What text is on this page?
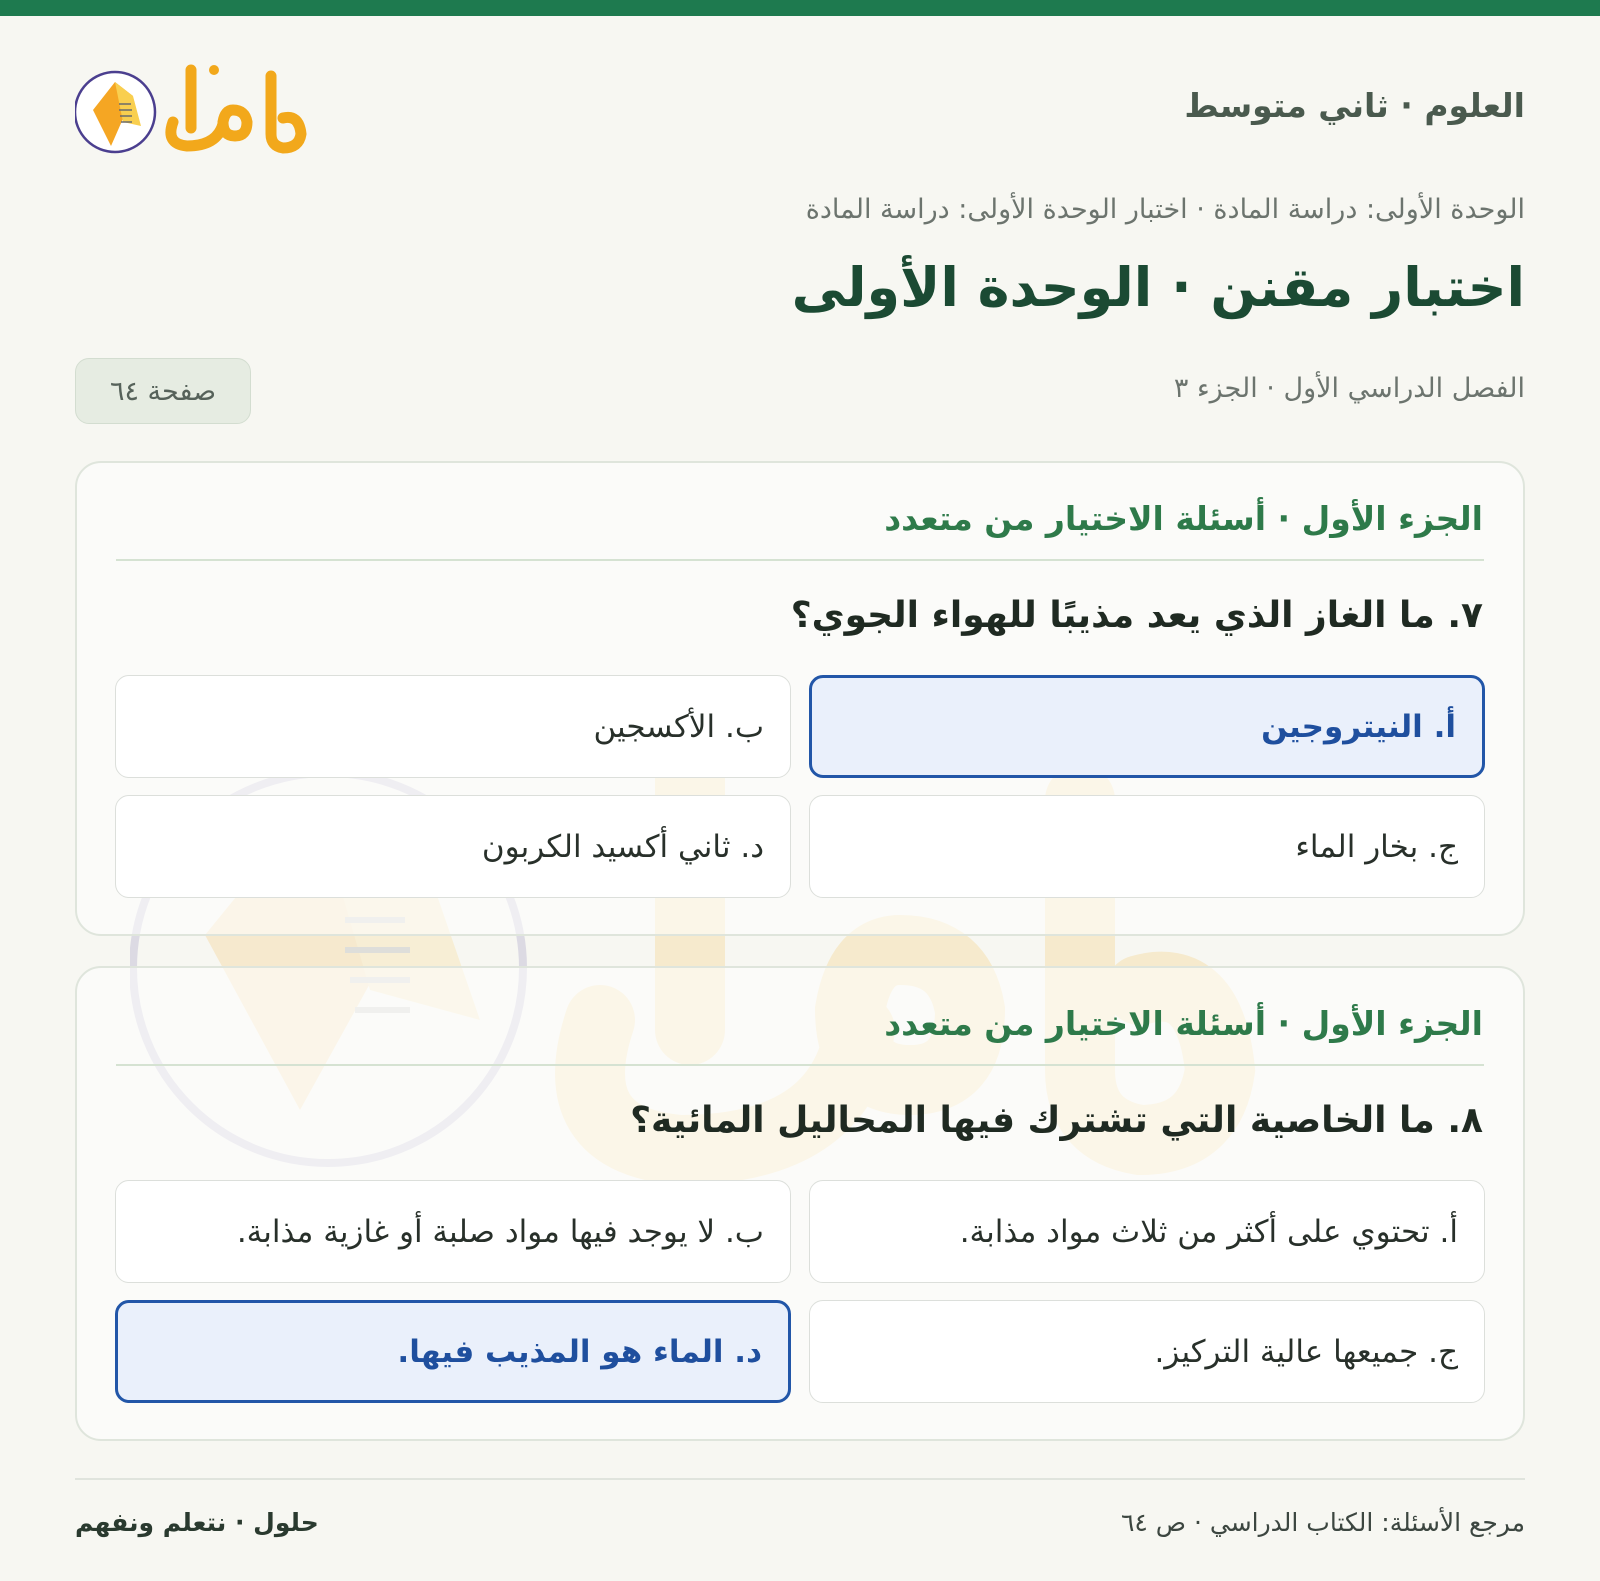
العلوم · ثاني متوسط
الوحدة الأولى: دراسة المادة · اختبار الوحدة الأولى: دراسة المادة
اختبار مقنن · الوحدة الأولى
الفصل الدراسي الأول · الجزء ٣
صفحة ٦٤
الجزء الأول · أسئلة الاختيار من متعدد
٧. ما الغاز الذي يعد مذيبًا للهواء الجوي؟
أ. النيتروجين
ب. الأكسجين
ج. بخار الماء
د. ثاني أكسيد الكربون
الجزء الأول · أسئلة الاختيار من متعدد
٨. ما الخاصية التي تشترك فيها المحاليل المائية؟
أ. تحتوي على أكثر من ثلاث مواد مذابة.
ب. لا يوجد فيها مواد صلبة أو غازية مذابة.
ج. جميعها عالية التركيز.
د. الماء هو المذيب فيها.
مرجع الأسئلة: الكتاب الدراسي · ص ٦٤
حلول · نتعلم ونفهم
